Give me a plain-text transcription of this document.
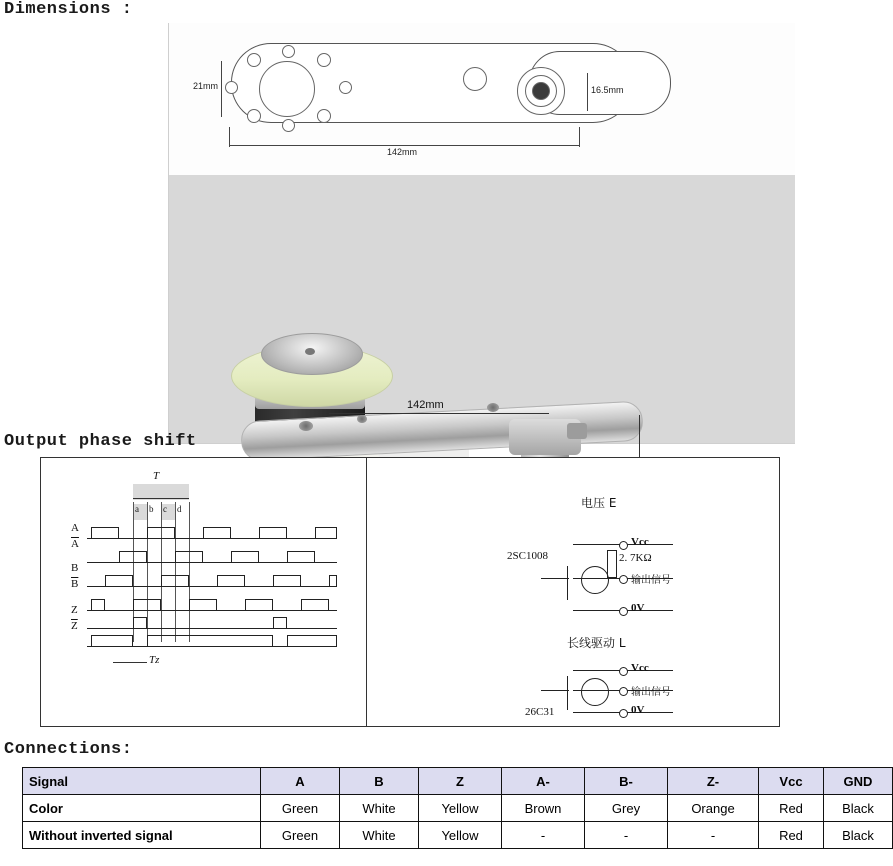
Dimensions :
21mm	16.5mm
142mm

142mm
Output phase shift
T
a b c d
A
$\overline{A}$
B
$\overline{B}$
Z
$\overline{Z}$
Tz
电压 E
Vcc
2. 7KΩ
输出信号
0V
2SC1008
长线驱动 L
Vcc
输出信号
0V
26C31
Connections:
Signal	A	B	Z	A-	B-	Z-	Vcc	GND
Color	Green	White	Yellow	Brown	Grey	Orange	Red	Black
Without inverted signal	Green	White	Yellow	-	-	-	Red	Black
